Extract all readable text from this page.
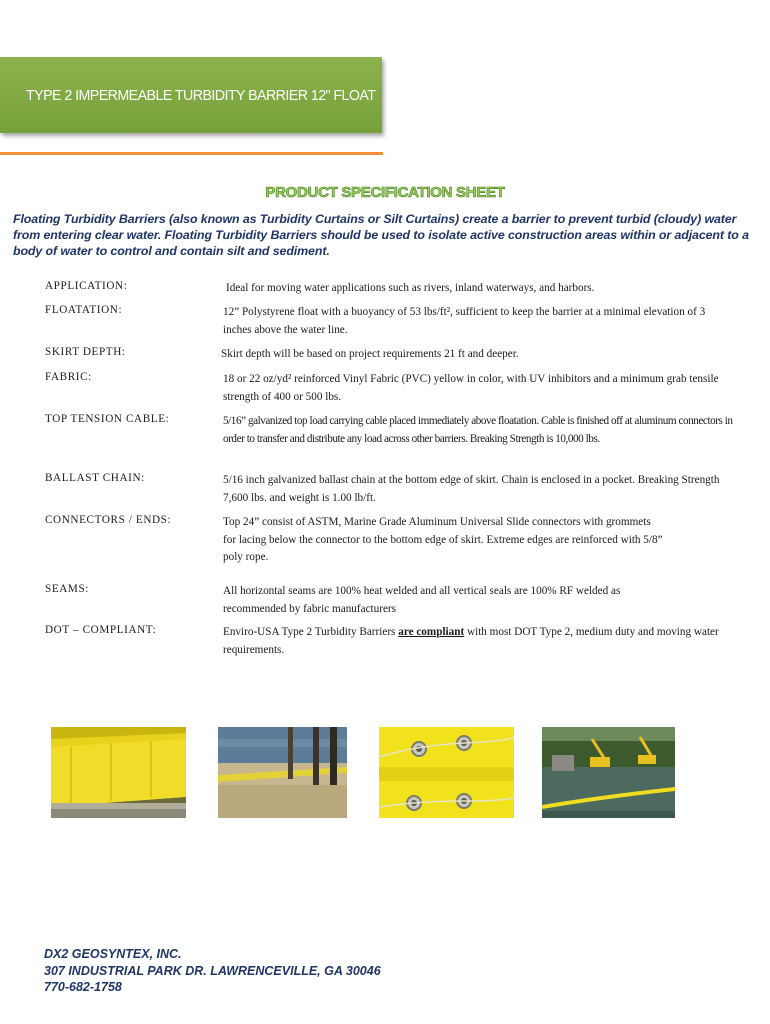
TYPE 2 IMPERMEABLE TURBIDITY BARRIER 12" FLOAT
PRODUCT SPECIFICATION SHEET
Floating Turbidity Barriers (also known as Turbidity Curtains or Silt Curtains) create a barrier to prevent turbid (cloudy) water from entering clear water. Floating Turbidity Barriers should be used to isolate active construction areas within or adjacent to a body of water to control and contain silt and sediment.
APPLICATION:	Ideal for moving water applications such as rivers, inland waterways, and harbors.
FLOATATION:	12” Polystyrene float with a buoyancy of 53 lbs/ft², sufficient to keep the barrier at a minimal elevation of 3 inches above the water line.
SKIRT DEPTH:	Skirt depth will be based on project requirements 21 ft and deeper.
FABRIC:	18 or 22 oz/yd² reinforced Vinyl Fabric (PVC) yellow in color, with UV inhibitors and a minimum grab tensile strength of 400 or 500 lbs.
TOP TENSION CABLE:	5/16” galvanized top load carrying cable placed immediately above floatation. Cable is finished off at aluminum connectors in order to transfer and distribute any load across other barriers. Breaking Strength is 10,000 lbs.
BALLAST CHAIN:	5/16 inch galvanized ballast chain at the bottom edge of skirt. Chain is enclosed in a pocket. Breaking Strength 7,600 lbs. and weight is 1.00 lb/ft.
CONNECTORS / ENDS:	Top 24” consist of ASTM, Marine Grade Aluminum Universal Slide connectors with grommets for lacing below the connector to the bottom edge of skirt. Extreme edges are reinforced with 5/8” poly rope.
SEAMS:	All horizontal seams are 100% heat welded and all vertical seals are 100% RF welded as recommended by fabric manufacturers
DOT – COMPLIANT:	Enviro-USA Type 2 Turbidity Barriers are compliant with most DOT Type 2, medium duty and moving water requirements.
DX2 GEOSYNTEX, INC.
307 INDUSTRIAL PARK DR. LAWRENCEVILLE, GA 30046
770-682-1758
